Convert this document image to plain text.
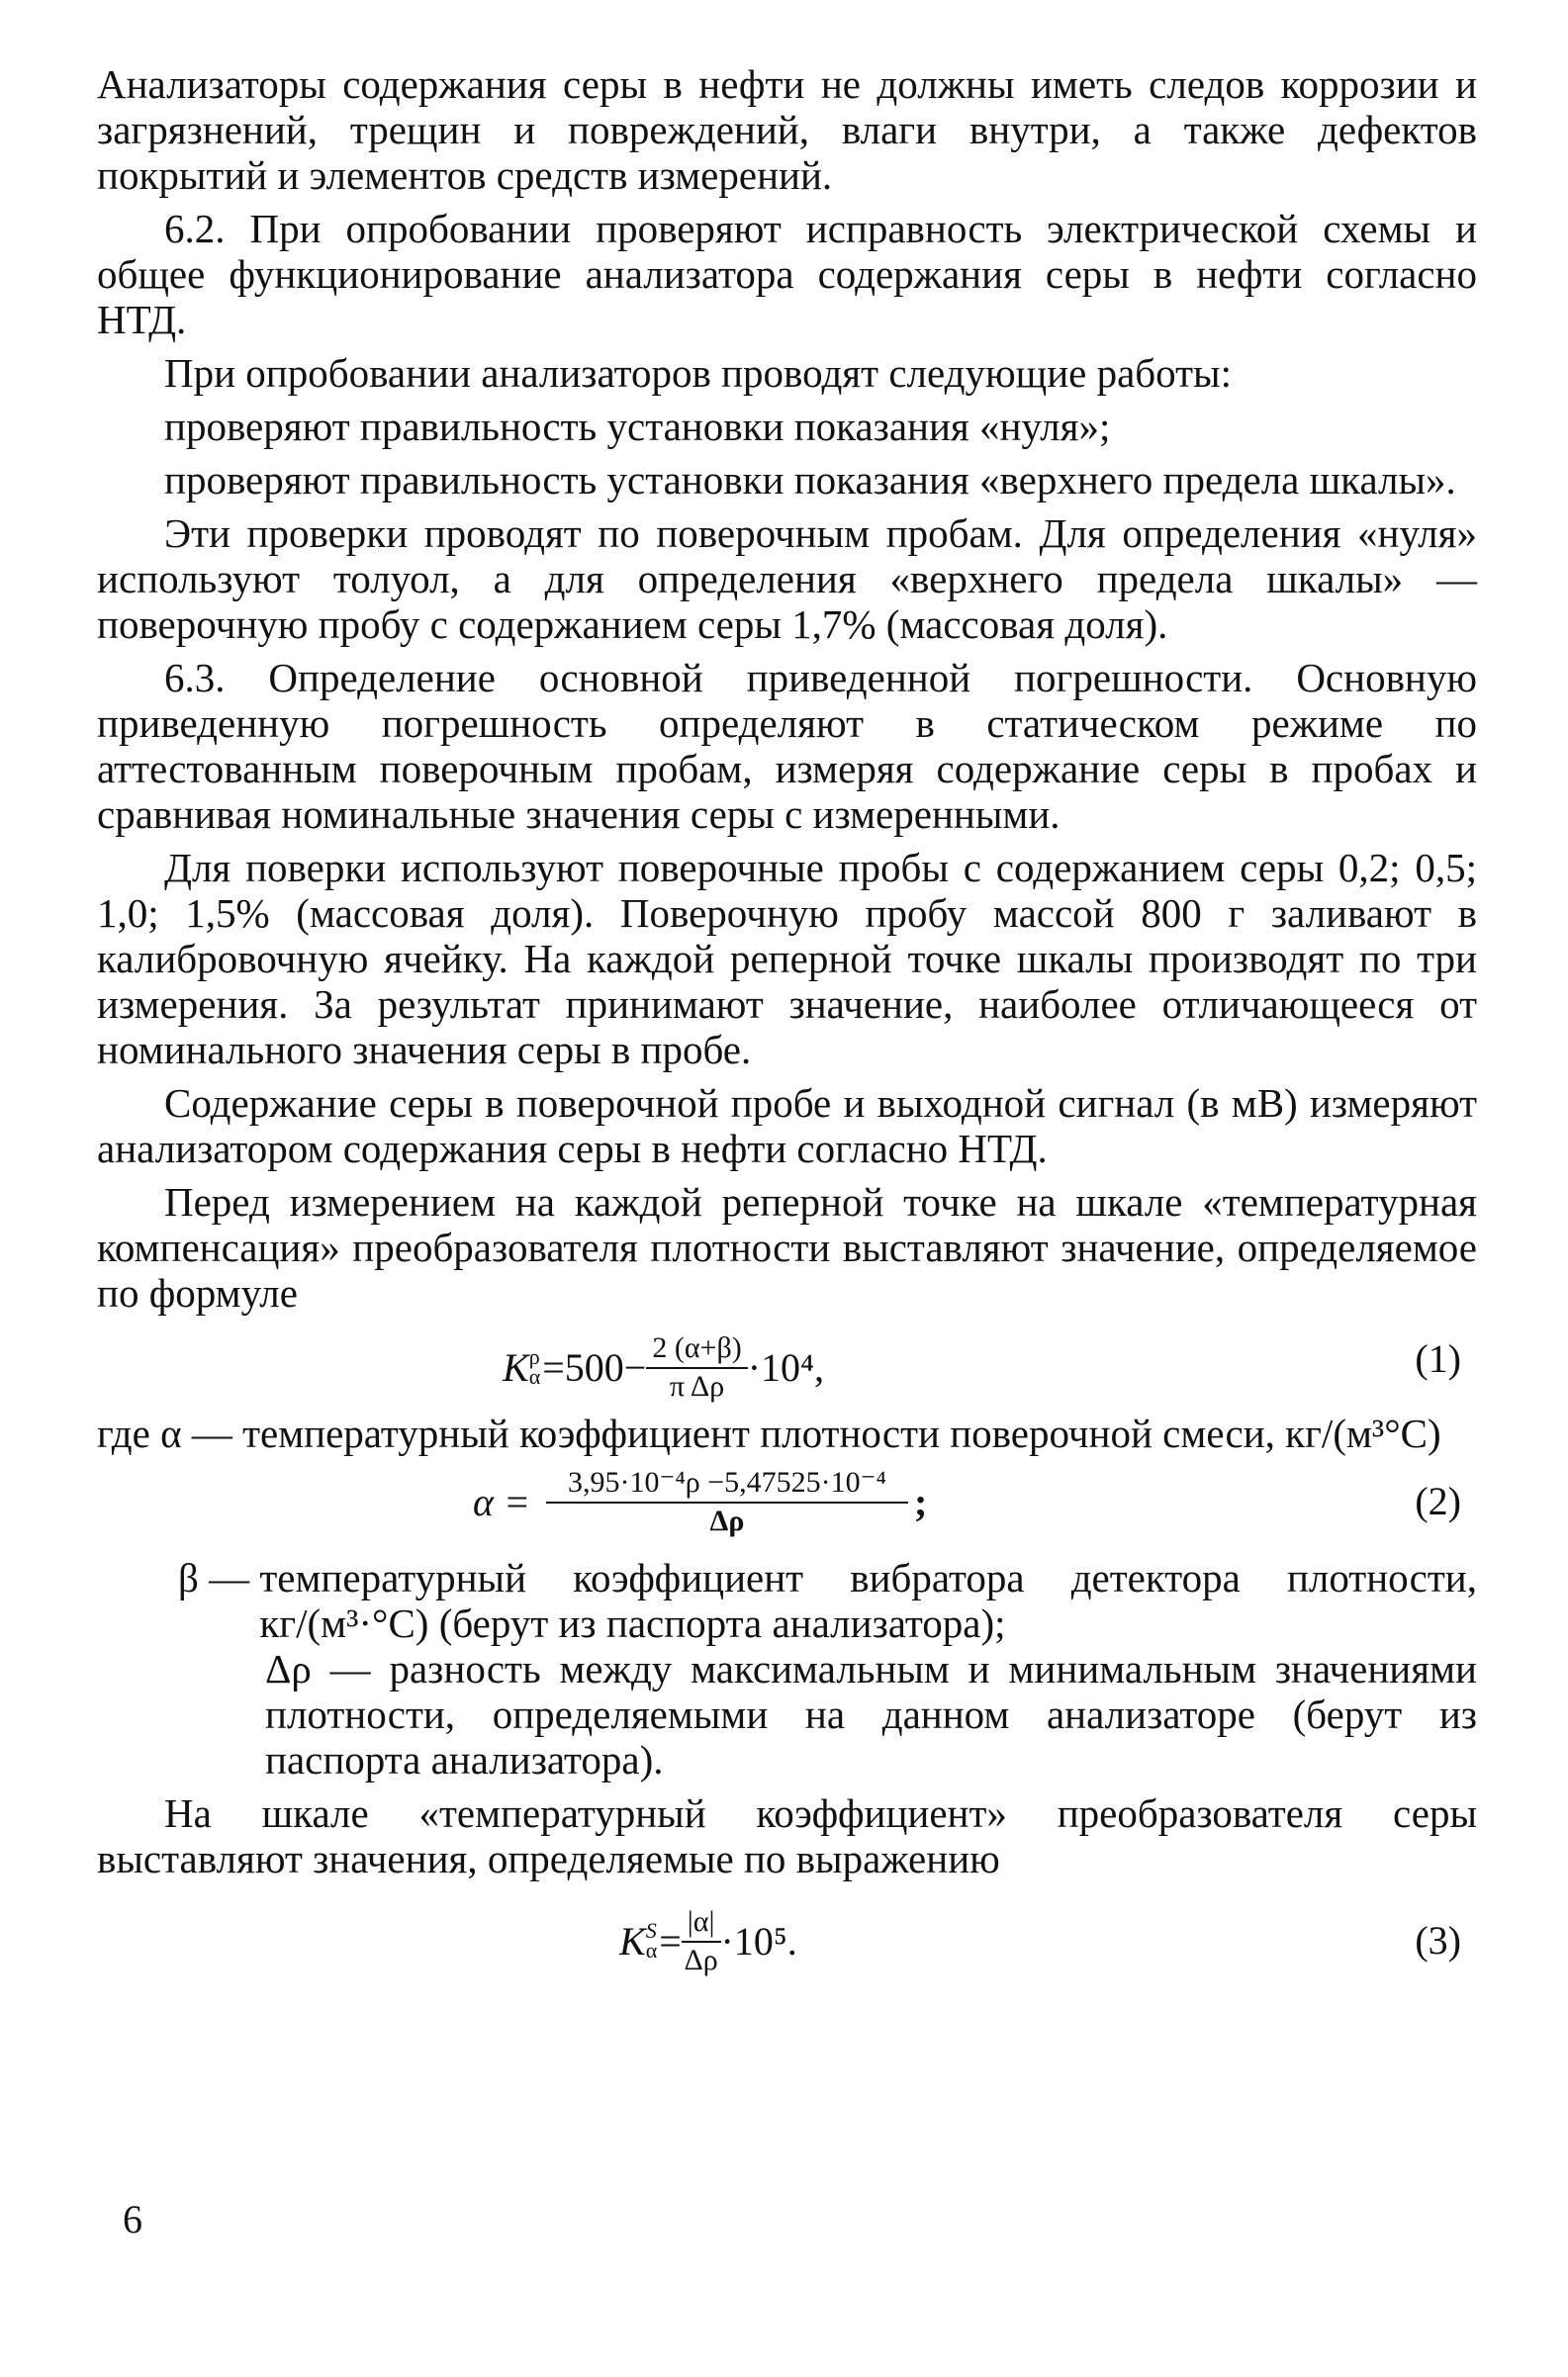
Анализаторы содержания серы в нефти не должны иметь следов коррозии и загрязнений, трещин и повреждений, влаги внутри, а также дефектов покрытий и элементов средств измерений.

6.2. При опробовании проверяют исправность электрической схемы и общее функционирование анализатора содержания серы в нефти согласно НТД.

При опробовании анализаторов проводят следующие работы:

проверяют правильность установки показания «нуля»;

проверяют правильность установки показания «верхнего предела шкалы».

Эти проверки проводят по поверочным пробам. Для определения «нуля» используют толуол, а для определения «верхнего предела шкалы» — поверочную пробу с содержанием серы 1,7% (массовая доля).

6.3. Определение основной приведенной погрешности. Основную приведенную погрешность определяют в статическом режиме по аттестованным поверочным пробам, измеряя содержание серы в пробах и сравнивая номинальные значения серы с измеренными.

Для поверки используют поверочные пробы с содержанием серы 0,2; 0,5; 1,0; 1,5% (массовая доля). Поверочную пробу массой 800 г заливают в калибровочную ячейку. На каждой реперной точке шкалы производят по три измерения. За результат принимают значение, наиболее отличающееся от номинального значения серы в пробе.

Содержание серы в поверочной пробе и выходной сигнал (в мВ) измеряют анализатором содержания серы в нефти согласно НТД.

Перед измерением на каждой реперной точке на шкале «температурная компенсация» преобразователя плотности выставляют значение, определяемое по формуле

K ρ
$\alpha =500- \frac{2 (\alpha+\beta)}{\text{π Δρ}} \cdot 10^4$,	(1)
где α — температурный коэффициент плотности поверочной смеси, кг/(м³°С)
$\alpha = \frac{\text{3,95·10⁻⁴ρ −5,47525·10⁻⁴}}{\Delta\rho}$ ;	(2)
β — температурный коэффициент вибратора детектора плотности, кг/(м³·°С) (берут из паспорта анализатора);
Δρ — разность между максимальным и минимальным значениями плотности, определяемыми на данном анализаторе (берут из паспорта анализатора).

На шкале «температурный коэффициент» преобразователя серы выставляют значения, определяемые по выражению

K S
$\alpha = \frac{|\alpha|}{\Delta\rho} \cdot 10^5$.	(3)
6
